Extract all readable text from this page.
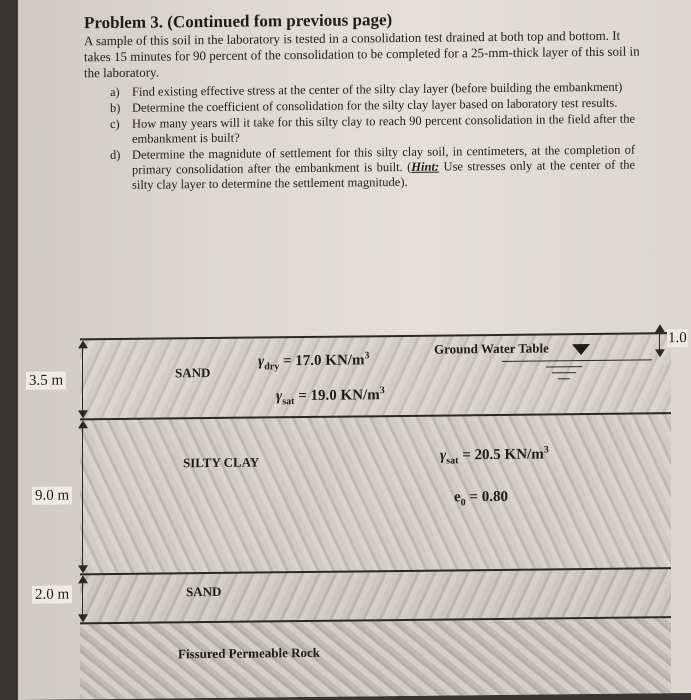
Problem 3. (Continued fom previous page)

A sample of this soil in the laboratory is tested in a consolidation test drained at both top and bottom. It takes 15 minutes for 90 percent of the consolidation to be completed for a 25-mm-thick layer of this soil in the laboratory.

a) Find existing effective stress at the center of the silty clay layer (before building the embankment)
b) Determine the coefficient of consolidation for the silty clay layer based on laboratory test results.
c) How many years will it take for this silty clay to reach 90 percent consolidation in the field after the embankment is built?
d) Determine the magnidute of settlement for this silty clay soil, in centimeters, at the completion of primary consolidation after the embankment is built. (Hint: Use stresses only at the center of the silty clay layer to determine the settlement magnitude).
3.5 m
9.0 m
2.0 m
SAND
$\gamma_{dry} = 17.0$ $KN/m^3$
$\gamma_{sat} = 19.0$ $KN/m^3$
Ground Water Table
1.0
SILTY CLAY	$\gamma_{sat} = 20.5$ $KN/m^3$
$e_0 = 0.80$
SAND
Fissured Permeable Rock
